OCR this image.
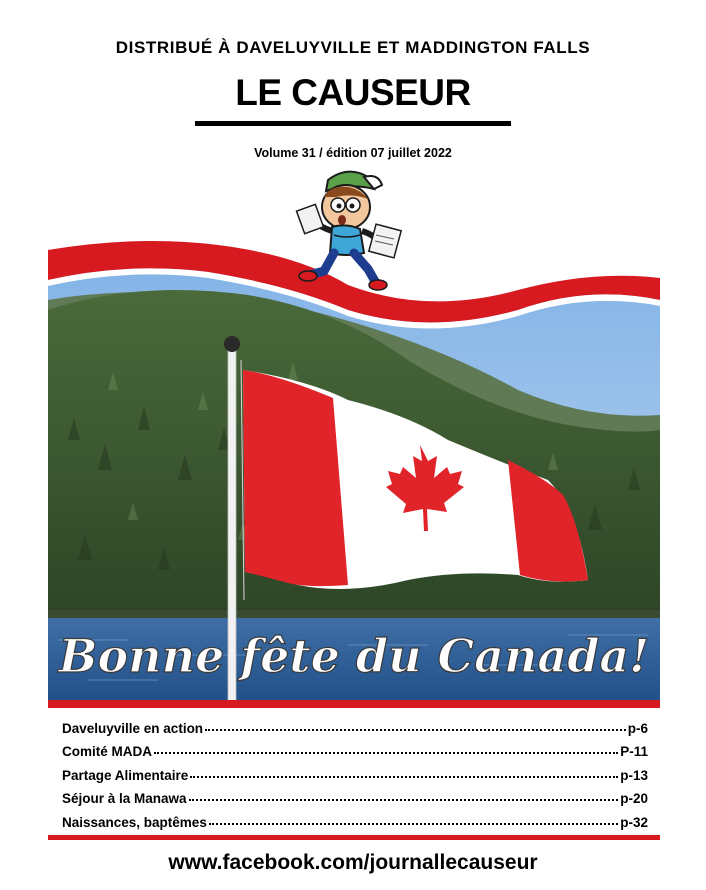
DISTRIBUÉ À DAVELUYVILLE ET MADDINGTON FALLS
LE CAUSEUR
Volume 31 / édition 07 juillet 2022
Bonne fête du Canada!
Daveluyville en action	p-6
Comité MADA	P-11
Partage Alimentaire	p-13
Séjour à la Manawa	p-20
Naissances, baptêmes	p-32
www.facebook.com/journallecauseur
